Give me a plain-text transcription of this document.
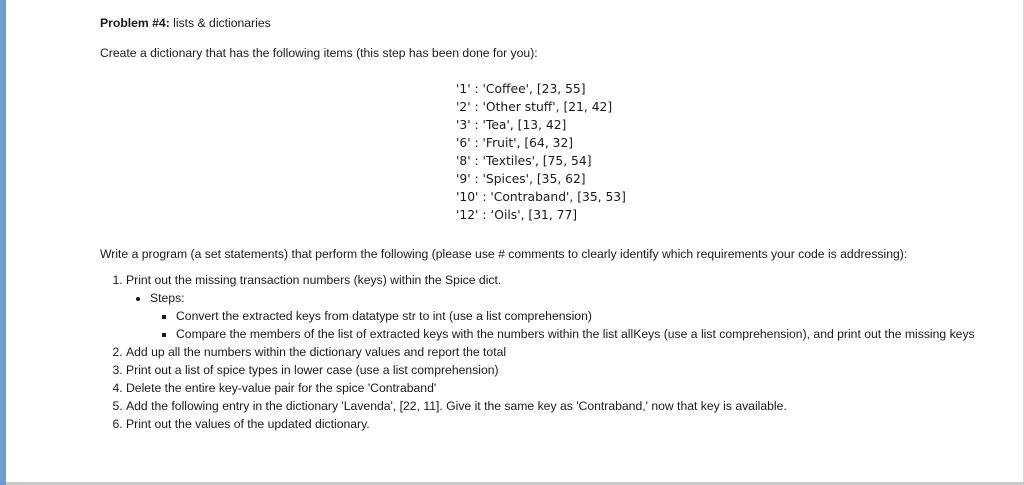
Problem #4: lists & dictionaries

Create a dictionary that has the following items (this step has been done for you):
'1' : 'Coffee', [23, 55]
'2' : 'Other stuff', [21, 42]
'3' : 'Tea', [13, 42]
'6' : 'Fruit', [64, 32]
'8' : 'Textiles', [75, 54]
'9' : 'Spices', [35, 62]
'10' : 'Contraband', [35, 53]
'12' : ‘Oils', [31, 77]
Write a program (a set statements) that perform the following (please use # comments to clearly identify which requirements your code is addressing):
1. Print out the missing transaction numbers (keys) within the Spice dict.
• Steps:
▪ Convert the extracted keys from datatype str to int (use a list comprehension)
▪ Compare the members of the list of extracted keys with the numbers within the list allKeys (use a list comprehension), and print out the missing keys
2. Add up all the numbers within the dictionary values and report the total
3. Print out a list of spice types in lower case (use a list comprehension)
4. Delete the entire key-value pair for the spice 'Contraband'
5. Add the following entry in the dictionary 'Lavenda', [22, 11]. Give it the same key as 'Contraband,' now that key is available.
6. Print out the values of the updated dictionary.
